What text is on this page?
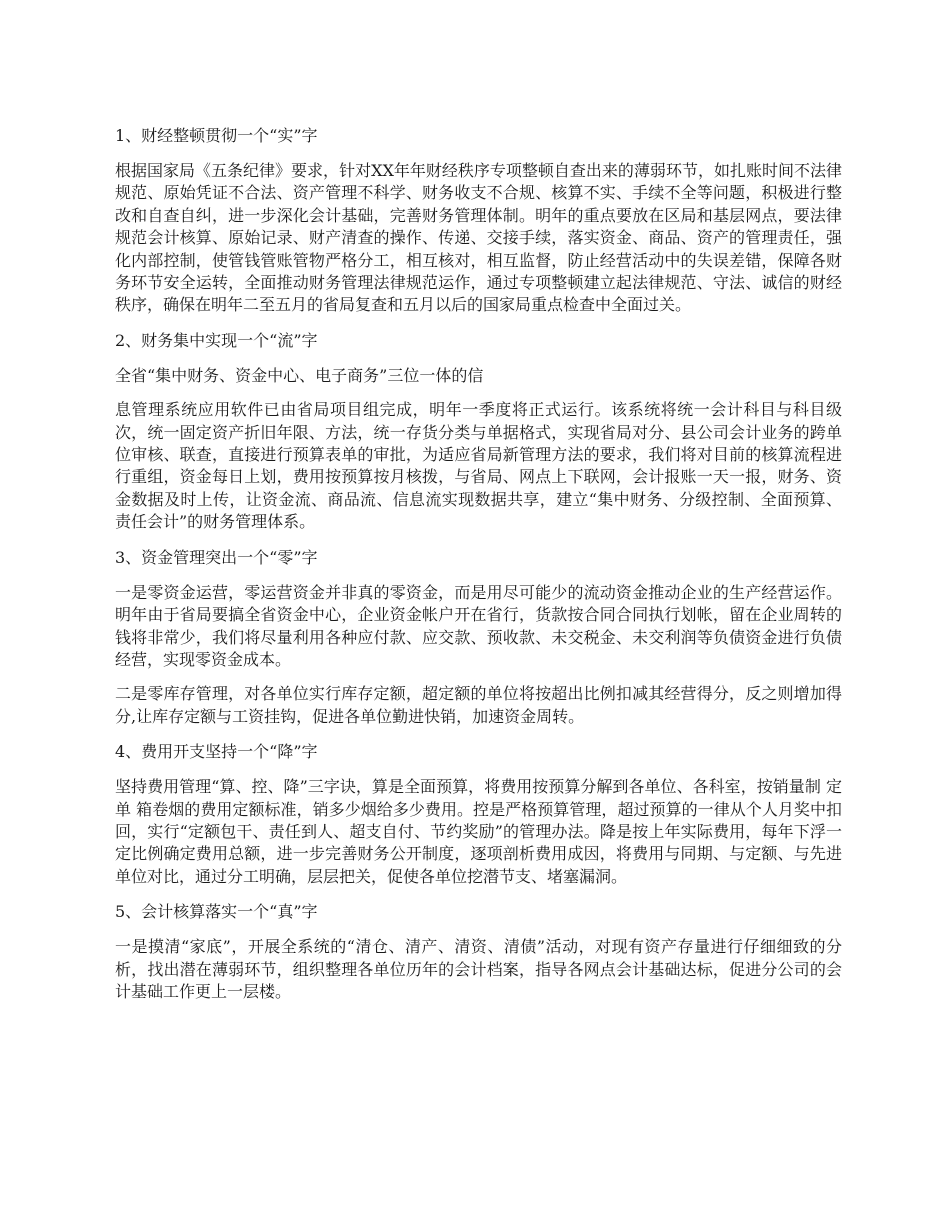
1、财经整顿贯彻一个“实”字

根据国家局《五条纪律》要求，针对XX年年财经秩序专项整顿自查出来的薄弱环节，如扎账时间不法律规范、原始凭证不合法、资产管理不科学、财务收支不合规、核算不实、手续不全等问题，积极进行整改和自查自纠，进一步深化会计基础，完善财务管理体制。明年的重点要放在区局和基层网点，要法律规范会计核算、原始记录、财产清查的操作、传递、交接手续，落实资金、商品、资产的管理责任，强化内部控制，使管钱管账管物严格分工，相互核对，相互监督，防止经营活动中的失误差错，保障各财务环节安全运转，全面推动财务管理法律规范运作，通过专项整顿建立起法律规范、守法、诚信的财经秩序，确保在明年二至五月的省局复查和五月以后的国家局重点检查中全面过关。

2、财务集中实现一个“流”字

全省“集中财务、资金中心、电子商务”三位一体的信

息管理系统应用软件已由省局项目组完成，明年一季度将正式运行。该系统将统一会计科目与科目级次，统一固定资产折旧年限、方法，统一存货分类与单据格式，实现省局对分、县公司会计业务的跨单位审核、联查，直接进行预算表单的审批，为适应省局新管理方法的要求，我们将对目前的核算流程进行重组，资金每日上划，费用按预算按月核拨，与省局、网点上下联网，会计报账一天一报，财务、资金数据及时上传，让资金流、商品流、信息流实现数据共享，建立“集中财务、分级控制、全面预算、责任会计”的财务管理体系。

3、资金管理突出一个“零”字

一是零资金运营，零运营资金并非真的零资金，而是用尽可能少的流动资金推动企业的生产经营运作。明年由于省局要搞全省资金中心，企业资金帐户开在省行，货款按合同合同执行划帐，留在企业周转的钱将非常少，我们将尽量利用各种应付款、应交款、预收款、未交税金、未交利润等负债资金进行负债经营，实现零资金成本。

二是零库存管理，对各单位实行库存定额，超定额的单位将按超出比例扣减其经营得分，反之则增加得分,让库存定额与工资挂钩，促进各单位勤进快销，加速资金周转。

4、费用开支坚持一个“降”字

坚持费用管理“算、控、降”三字诀，算是全面预算，将费用按预算分解到各单位、各科室，按销量制 定单 箱卷烟的费用定额标准，销多少烟给多少费用。控是严格预算管理，超过预算的一律从个人月奖中扣回，实行“定额包干、责任到人、超支自付、节约奖励”的管理办法。降是按上年实际费用，每年下浮一定比例确定费用总额，进一步完善财务公开制度，逐项剖析费用成因，将费用与同期、与定额、与先进单位对比，通过分工明确，层层把关，促使各单位挖潜节支、堵塞漏洞。

5、会计核算落实一个“真”字

一是摸清“家底”，开展全系统的“清仓、清产、清资、清债”活动，对现有资产存量进行仔细细致的分析，找出潜在薄弱环节，组织整理各单位历年的会计档案，指导各网点会计基础达标，促进分公司的会计基础工作更上一层楼。
